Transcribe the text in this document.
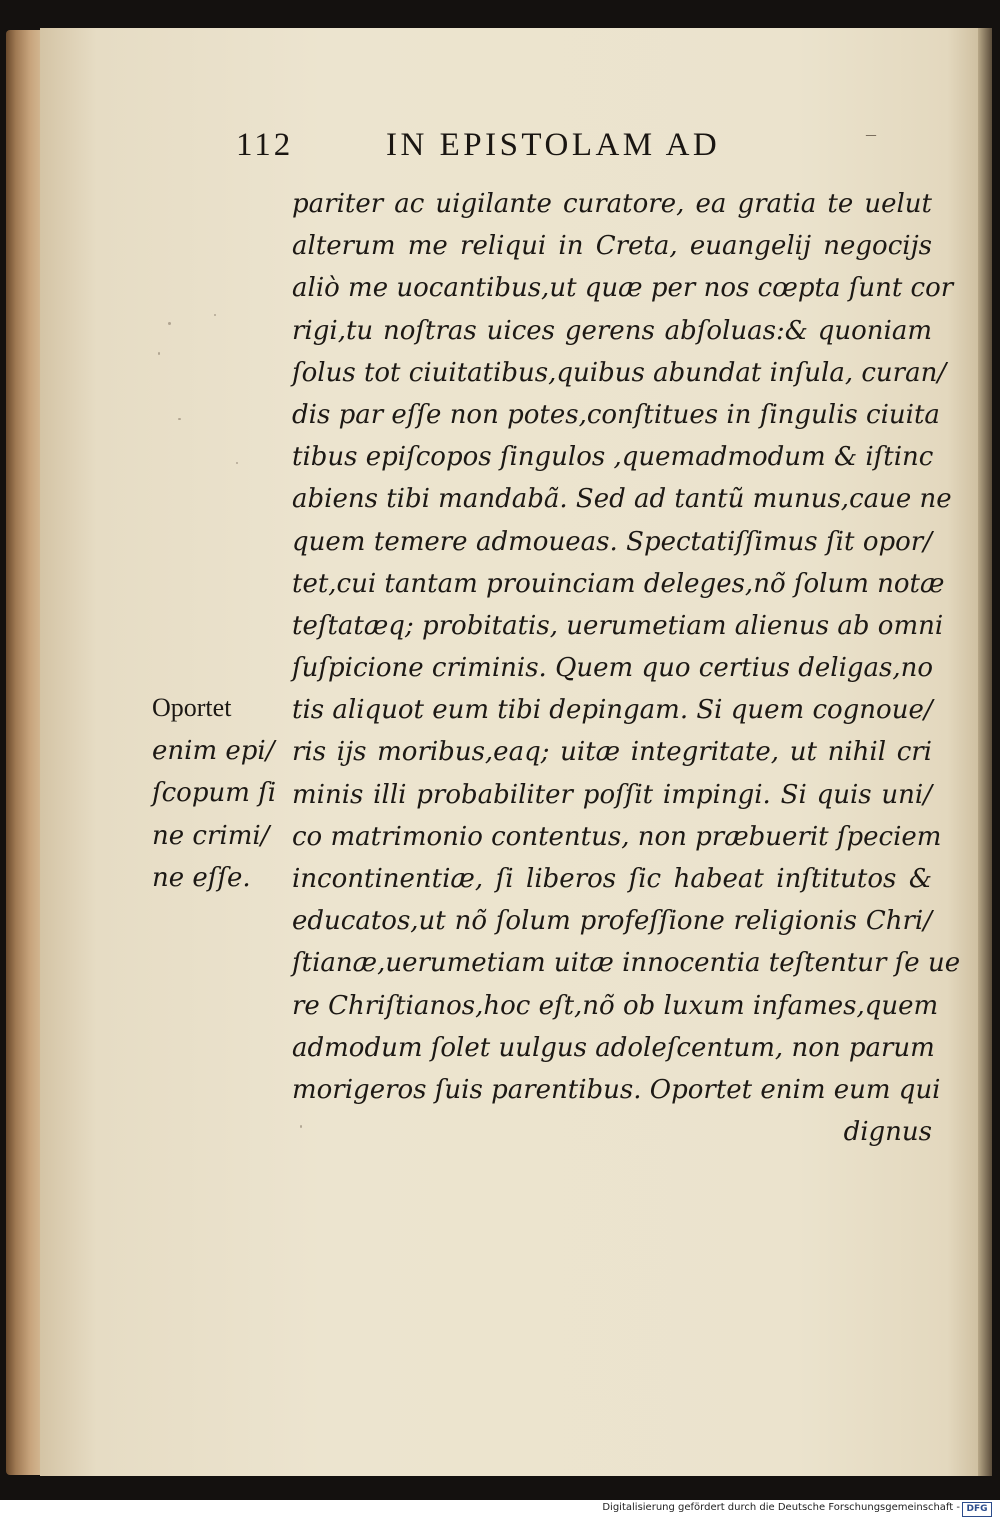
112	IN EPISTOLAM AD	–
Oportet
enim epi/
ſcopum ſi
ne crimi/
ne eſſe.
pariter ac uigilante curatore, ea gratia te uelut
alterum me reliqui in Creta, euangelij negocijs
aliò me uocantibus,ut quæ per nos cœpta ſunt cor
rigi,tu noſtras uices gerens abſoluas:& quoniam
ſolus tot ciuitatibus,quibus abundat inſula, curan/
dis par eſſe non potes,conſtitues in ſingulis ciuita
tibus epiſcopos ſingulos ,quemadmodum & iſtinc
abiens tibi mandabã. Sed ad tantũ munus,caue ne
quem temere admoueas. Spectatiſſimus ſit opor/
tet,cui tantam prouinciam deleges,nõ ſolum notæ
teſtatæq; probitatis, uerumetiam alienus ab omni
ſuſpicione criminis. Quem quo certius deligas,no
tis aliquot eum tibi depingam. Si quem cognoue/
ris ijs moribus,eaq; uitæ integritate, ut nihil cri
minis illi probabiliter poſſit impingi. Si quis uni/
co matrimonio contentus, non præbuerit ſpeciem
incontinentiæ, ſi liberos ſic habeat inſtitutos &
educatos,ut nõ ſolum profeſſione religionis Chri/
ſtianæ,uerumetiam uitæ innocentia teſtentur ſe ue
re Chriſtianos,hoc eſt,nõ ob luxum infames,quem
admodum ſolet uulgus adoleſcentum, non parum
morigeros ſuis parentibus. Oportet enim eum qui
dignus
Digitalisierung gefördert durch die Deutsche Forschungsgemeinschaft - DFG
